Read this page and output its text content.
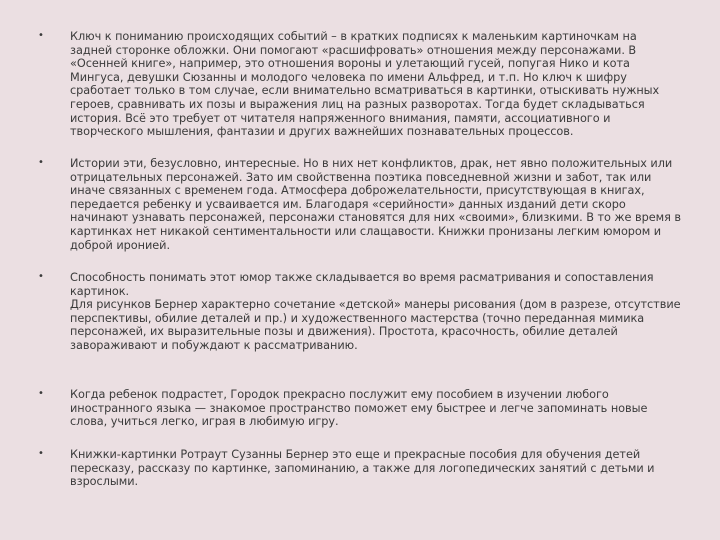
• Ключ к пониманию происходящих событий – в кратких подписях к маленьким картиночкам на
задней сторонке обложки. Они помогают «расшифровать» отношения между персонажами. В
«Осенней книге», например, это отношения вороны и улетающий гусей, попугая Нико и кота
Мингуса, девушки Сюзанны и молодого человека по имени Альфред, и т.п. Но ключ к шифру
сработает только в том случае, если внимательно всматриваться в картинки, отыскивать нужных
героев, сравнивать их позы и выражения лиц на разных разворотах. Тогда будет складываться
история. Всё это требует от читателя напряженного внимания, памяти, ассоциативного и
творческого мышления, фантазии и других важнейших познавательных процессов.
• Истории эти, безусловно, интересные. Но в них нет конфликтов, драк, нет явно положительных или
отрицательных персонажей. Зато им свойственна поэтика повседневной жизни и забот, так или
иначе связанных с временем года. Атмосфера доброжелательности, присутствующая в книгах,
передается ребенку и усваивается им. Благодаря «серийности» данных изданий дети скоро
начинают узнавать персонажей, персонажи становятся для них «своими», близкими. В то же время в
картинках нет никакой сентиментальности или слащавости. Книжки пронизаны легким юмором и
доброй иронией.
• Способность понимать этот юмор также складывается во время расматривания и сопоставления
картинок.
Для рисунков Бернер характерно сочетание «детской» манеры рисования (дом в разрезе, отсутствие
перспективы, обилие деталей и пр.) и художественного мастерства (точно переданная мимика
персонажей, их выразительные позы и движения). Простота, красочность, обилие деталей
завораживают и побуждают к рассматриванию.
• Когда ребенок подрастет, Городок прекрасно послужит ему пособием в изучении любого
иностранного языка — знакомое пространство поможет ему быстрее и легче запоминать новые
слова, учиться легко, играя в любимую игру.
• Книжки-картинки Ротраут Сузанны Бернер это еще и прекрасные пособия для обучения детей
пересказу, рассказу по картинке, запоминанию, а также для логопедических занятий с детьми и
взрослыми.
